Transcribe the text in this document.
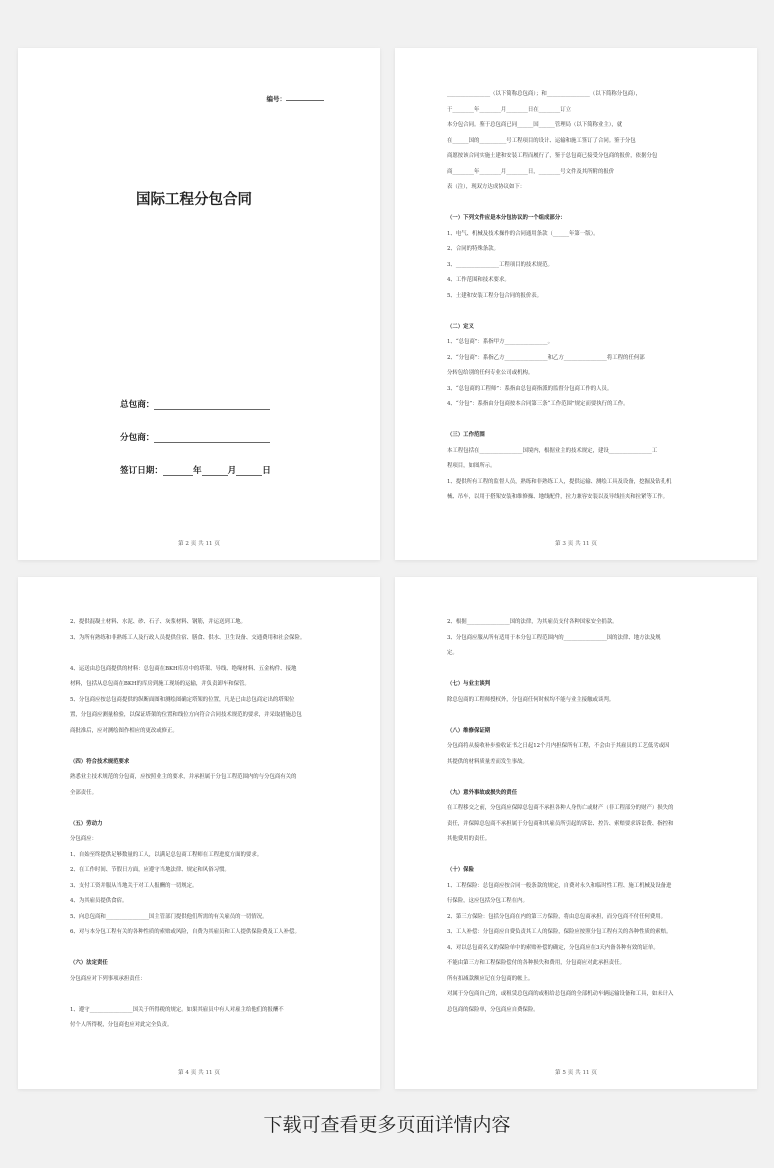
编号：
国际工程分包合同
总包商：
分包商：
签订日期：	年	月	日
第 2 页 共 11 页

________________（以下简称总包商）；和________________（以下简称分包商），

于________年________月________日在________订立

本分包合同。鉴于总包商已同______国______管理局（以下简称业主），就

在______国的__________号工程项目的设计、运输和施工签订了合同。鉴于分包

商愿按该合同实施土建和安装工程而履行了，鉴于总包商已接受分包商的报价，依据分包

商________年________月________日，________号文件及其所附的报价

表（注），现双方达成协议如下：

（一）下列文件应是本分包协议的一个组成部分：

1、电气、机械及技术操作的合同通用条款（______年第一版）。

2、合同的特殊条款。

3、________________工程项目的技术规范。

4、工作范围和技术要求。

5、土建和安装工程分包合同的报价表。

（二）定义

1、“总包商”：系指甲方________________。

2、“分包商”：系指乙方________________和乙方________________将工程的任何部

分转包给别的任何专业公司或机构。

3、“总包商的工程师”：系指由总包商指派的监督分包商工作的人员。

4、“分包”：系指由分包商按本合同第三条“工作范围”规定而要执行的工作。

（三）工作范围

本工程包括在________________国境内，根据业主的技术规定，建设________________工

程项目，如图所示。

1、提供所有工程的监督人员，熟练和非熟练工人，提供运输、测绘工具及设备，挖掘及钻孔机

械、吊车，以用于搭架安装和维修操、地线配件，拉力兼容安装以及导线挂夹和拉紧等工作。

第 3 页 共 11 页

2、提供混凝土材料、水泥、砂、石子、灰浆材料、钢筋，并运送到工地。

3、为所有熟练和非熟练工人及行政人员提供住宿、膳食、供水、卫生设备、交通费用和社会保险。

4、运送由总包商提供的材料：总包商在BKH库房中的塔架、导线、绝缘材料、五金构件、接地

材料，包括从总包商在BKH的库房到施工现场的运输，并负责卸车和保管。

5、分包商应按总包商提供的纵断面图和测绘图确定塔架的位置，凡是已由总包商定出的塔架位

置，分包商应测量检验，以保证塔架的位置和线位方向符合合同技术规范的要求，并采取措施总包

商批准后，应对测绘图作相应的更改或修正。

（四）符合技术规范要求

熟悉业主技术规范的分包商，应按照业主的要求，并承担属于分包工程范围内的与分包商有关的

全部责任。

（五）劳动力

分包商应：

1、自始至终提供足够数量的工人，以满足总包商工程师在工程进度方面的要求。

2、在工作时间、节假日方面，应遵守当地法律、规定和风俗习惯。

3、支付工资并服从当地关于对工人报酬的一切规定。

4、为其雇员提供食宿。

5、向总包商和________________国主管部门提供他们所需的有关雇员的一切情况。

6、对与本分包工程有关的各种性质的索赔或风险，自费为其雇员和工人提供保险费及工人补偿。

（六）法定责任

分包商应对下列事项承担责任：

1、遵守________________国关于所得税的规定。如果其雇员中有人对雇主给他们的报酬不

付个人所得税，分包商也应对此完全负责。

第 4 页 共 11 页

2、根据________________国的法律，为其雇员支付各种国家安全捐款。

3、分包商应服从所有适用于本分包工程范围内的________________国的法律、地方法及规

定。

（七）与业主谈判

除总包商的工程师授权外，分包商任何时候均不能与业主接触或谈判。

（八）维修保证期

分包商将从接收补步验收证书之日起12个月内担保所有工程，不会由于其雇员的工艺低劣或因

其提供的材料质量差而发生事故。

（九）意外事故或损失的责任

在工程移交之前，分包商应保障总包商不承担各种人身伤亡或财产（非工程部分的财产）损失的

责任，并保障总包商不承担属于分包商和其雇员所引起的诉讼、控告、索赔要求诉讼费、指控和

其他费用的责任。

（十）保险

1、工程保险：总包商应按合同一般条款的规定，自费对永久和临时性工程、施工机械及设备进

行保险，这应包括分包工程在内。

2、第三方保险：包括分包商在内的第三方保险，将由总包商承担，而分包商不付任何费用。

3、工人补偿：分包商应自费负责其工人的保险，保险应按照分包工程有关的各种性质的索赔。

4、对以总包商名义的保险单中的索赔补偿的确定，分包商应在3天内备各种有效的证单。

不能由第三方和工程保险偿付的各种损失和费用，分包商应对此承担责任。

所有扣减款额应记在分包商的帐上。

对属于分包商自己的，或租赁总包商的或租给总包商的全部机动车辆运输设备和工具，如未计入

总包商的保险单，分包商应自费保险。

第 5 页 共 11 页
下载可查看更多页面详情内容
